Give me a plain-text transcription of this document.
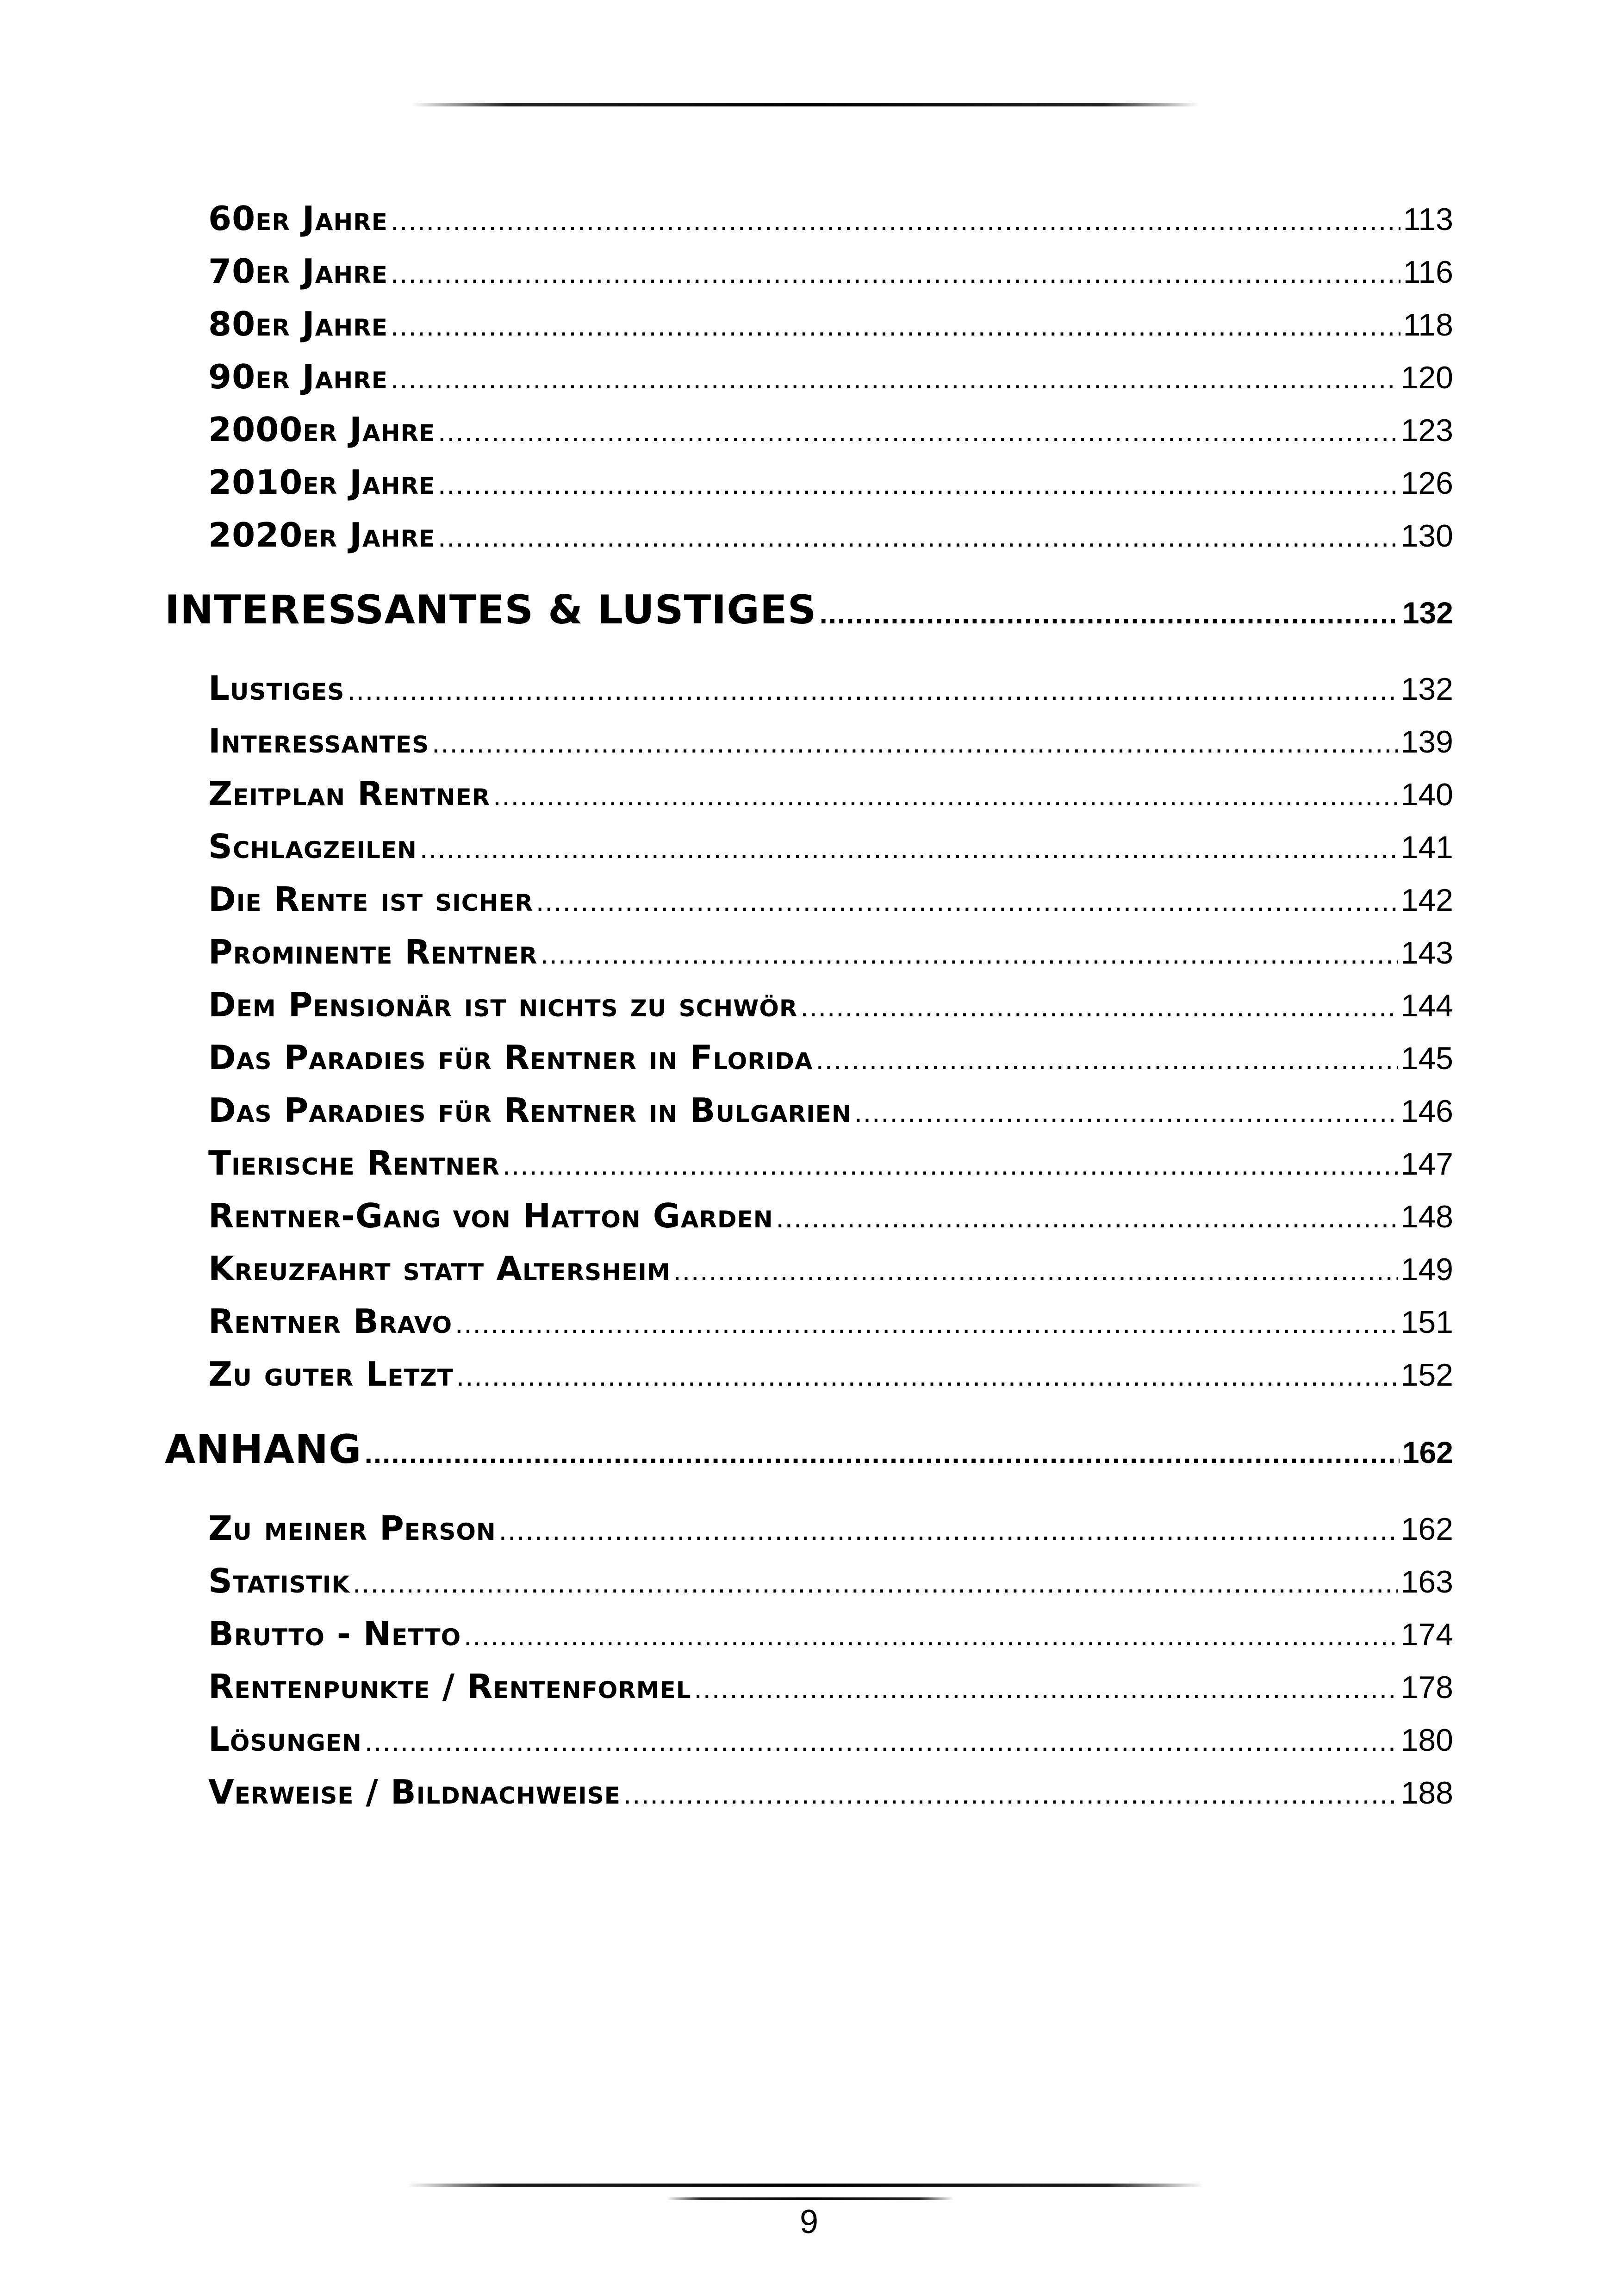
60er Jahre .....	113
70er Jahre .....	116
80er Jahre .....	118
90er Jahre .....	120
2000er Jahre .....	123
2010er Jahre .....	126
2020er Jahre .....	130
INTERESSANTES & LUSTIGES .....	132
Lustiges .....	132
Interessantes .....	139
Zeitplan Rentner .....	140
Schlagzeilen .....	141
Die Rente ist sicher .....	142
Prominente Rentner .....	143
Dem Pensionär ist nichts zu schwör .....	144
Das Paradies für Rentner in Florida .....	145
Das Paradies für Rentner in Bulgarien .....	146
Tierische Rentner .....	147
Rentner-Gang von Hatton Garden .....	148
Kreuzfahrt statt Altersheim .....	149
Rentner Bravo .....	151
Zu guter Letzt .....	152
ANHANG .....	162
Zu meiner Person .....	162
Statistik .....	163
Brutto - Netto .....	174
Rentenpunkte / Rentenformel .....	178
Lösungen .....	180
Verweise / Bildnachweise .....	188
9
